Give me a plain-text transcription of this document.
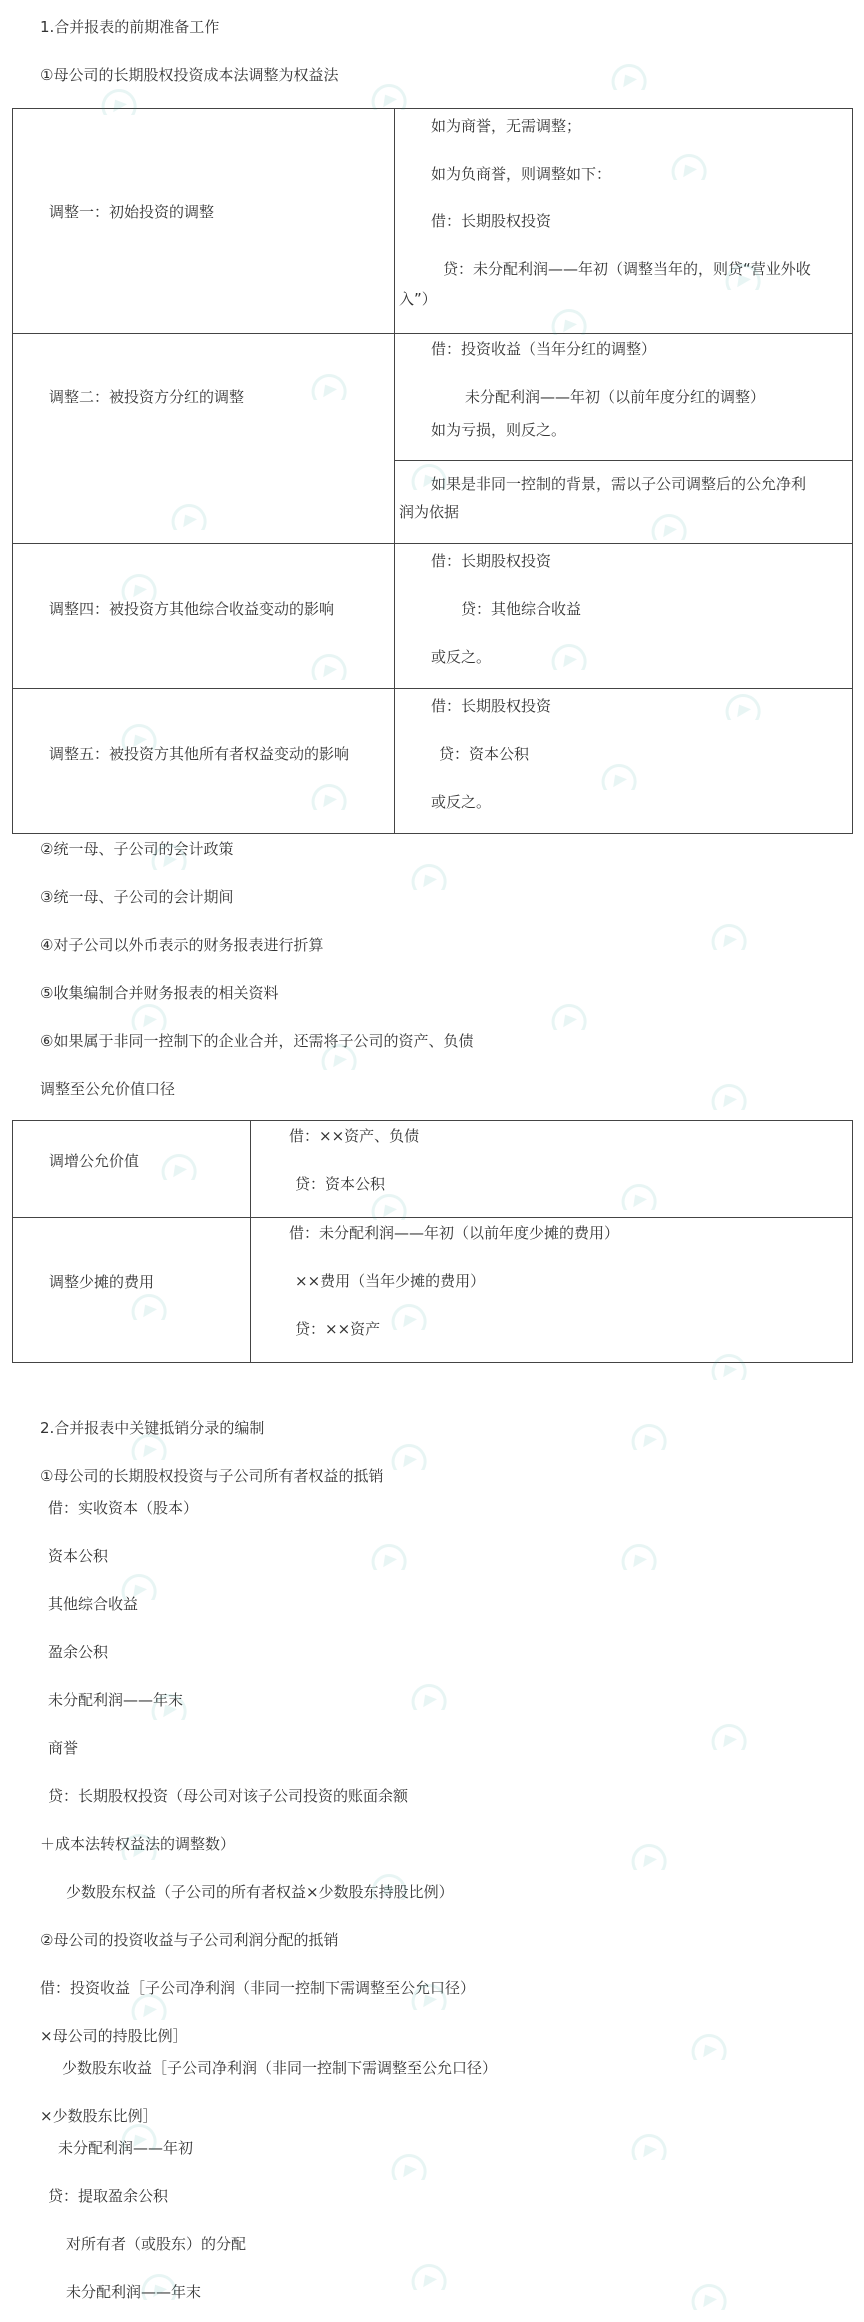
1.合并报表的前期准备工作
①母公司的长期股权投资成本法调整为权益法
调整一：初始投资的调整	如为商誉，无需调整；
如为负商誉，则调整如下：
借：长期股权投资
贷：未分配利润——年初（调整当年的，则贷“营业外收
入”）

调整二：被投资方分红的调整	借：投资收益（当年分红的调整）
未分配利润——年初（以前年度分红的调整）
如为亏损，则反之。
如果是非同一控制的背景，需以子公司调整后的公允净利
润为依据

调整四：被投资方其他综合收益变动的影响	借：长期股权投资
贷：其他综合收益
或反之。

调整五：被投资方其他所有者权益变动的影响	借：长期股权投资
贷：资本公积
或反之。
②统一母、子公司的会计政策
③统一母、子公司的会计期间
④对子公司以外币表示的财务报表进行折算
⑤收集编制合并财务报表的相关资料
⑥如果属于非同一控制下的企业合并，还需将子公司的资产、负债
调整至公允价值口径
调增公允价值	借：××资产、负债
贷：资本公积

调整少摊的费用	借：未分配利润——年初（以前年度少摊的费用）
××费用（当年少摊的费用）
贷：××资产
2.合并报表中关键抵销分录的编制
①母公司的长期股权投资与子公司所有者权益的抵销
借：实收资本（股本）
资本公积
其他综合收益
盈余公积
未分配利润——年末
商誉
贷：长期股权投资（母公司对该子公司投资的账面余额
＋成本法转权益法的调整数）
少数股东权益（子公司的所有者权益×少数股东持股比例）
②母公司的投资收益与子公司利润分配的抵销
借：投资收益［子公司净利润（非同一控制下需调整至公允口径）
×母公司的持股比例］
少数股东收益［子公司净利润（非同一控制下需调整至公允口径）
×少数股东比例］
未分配利润——年初
贷：提取盈余公积
对所有者（或股东）的分配
未分配利润——年末
